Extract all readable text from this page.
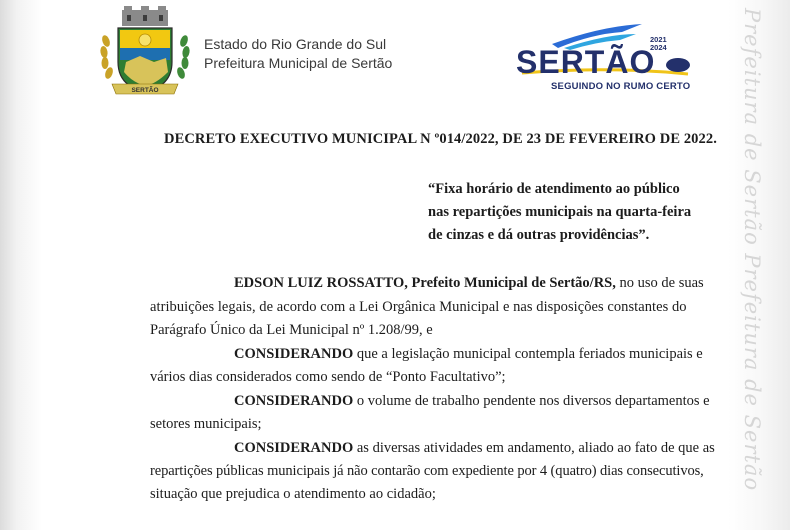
Prefeitura de Sertão Prefeitura de Sertão
SERTÃO
Estado do Rio Grande do Sul
Prefeitura Municipal de Sertão	SERTÃO
2021
2024
SEGUINDO NO RUMO CERTO
DECRETO EXECUTIVO MUNICIPAL N º014/2022, DE 23 DE FEVEREIRO DE 2022.
“Fixa horário de atendimento ao público
nas repartições municipais na quarta-feira
de cinzas e dá outras providências”.
EDSON LUIZ ROSSATTO, Prefeito Municipal de Sertão/RS, no uso de suas
atribuições legais, de acordo com a Lei Orgânica Municipal e nas disposições constantes do
Parágrafo Único da Lei Municipal nº 1.208/99, e
CONSIDERANDO que a legislação municipal contempla feriados municipais e
vários dias considerados como sendo de “Ponto Facultativo”;
CONSIDERANDO o volume de trabalho pendente nos diversos departamentos e
setores municipais;
CONSIDERANDO as diversas atividades em andamento, aliado ao fato de que as
repartições públicas municipais já não contarão com expediente por 4 (quatro) dias consecutivos,
situação que prejudica o atendimento ao cidadão;
